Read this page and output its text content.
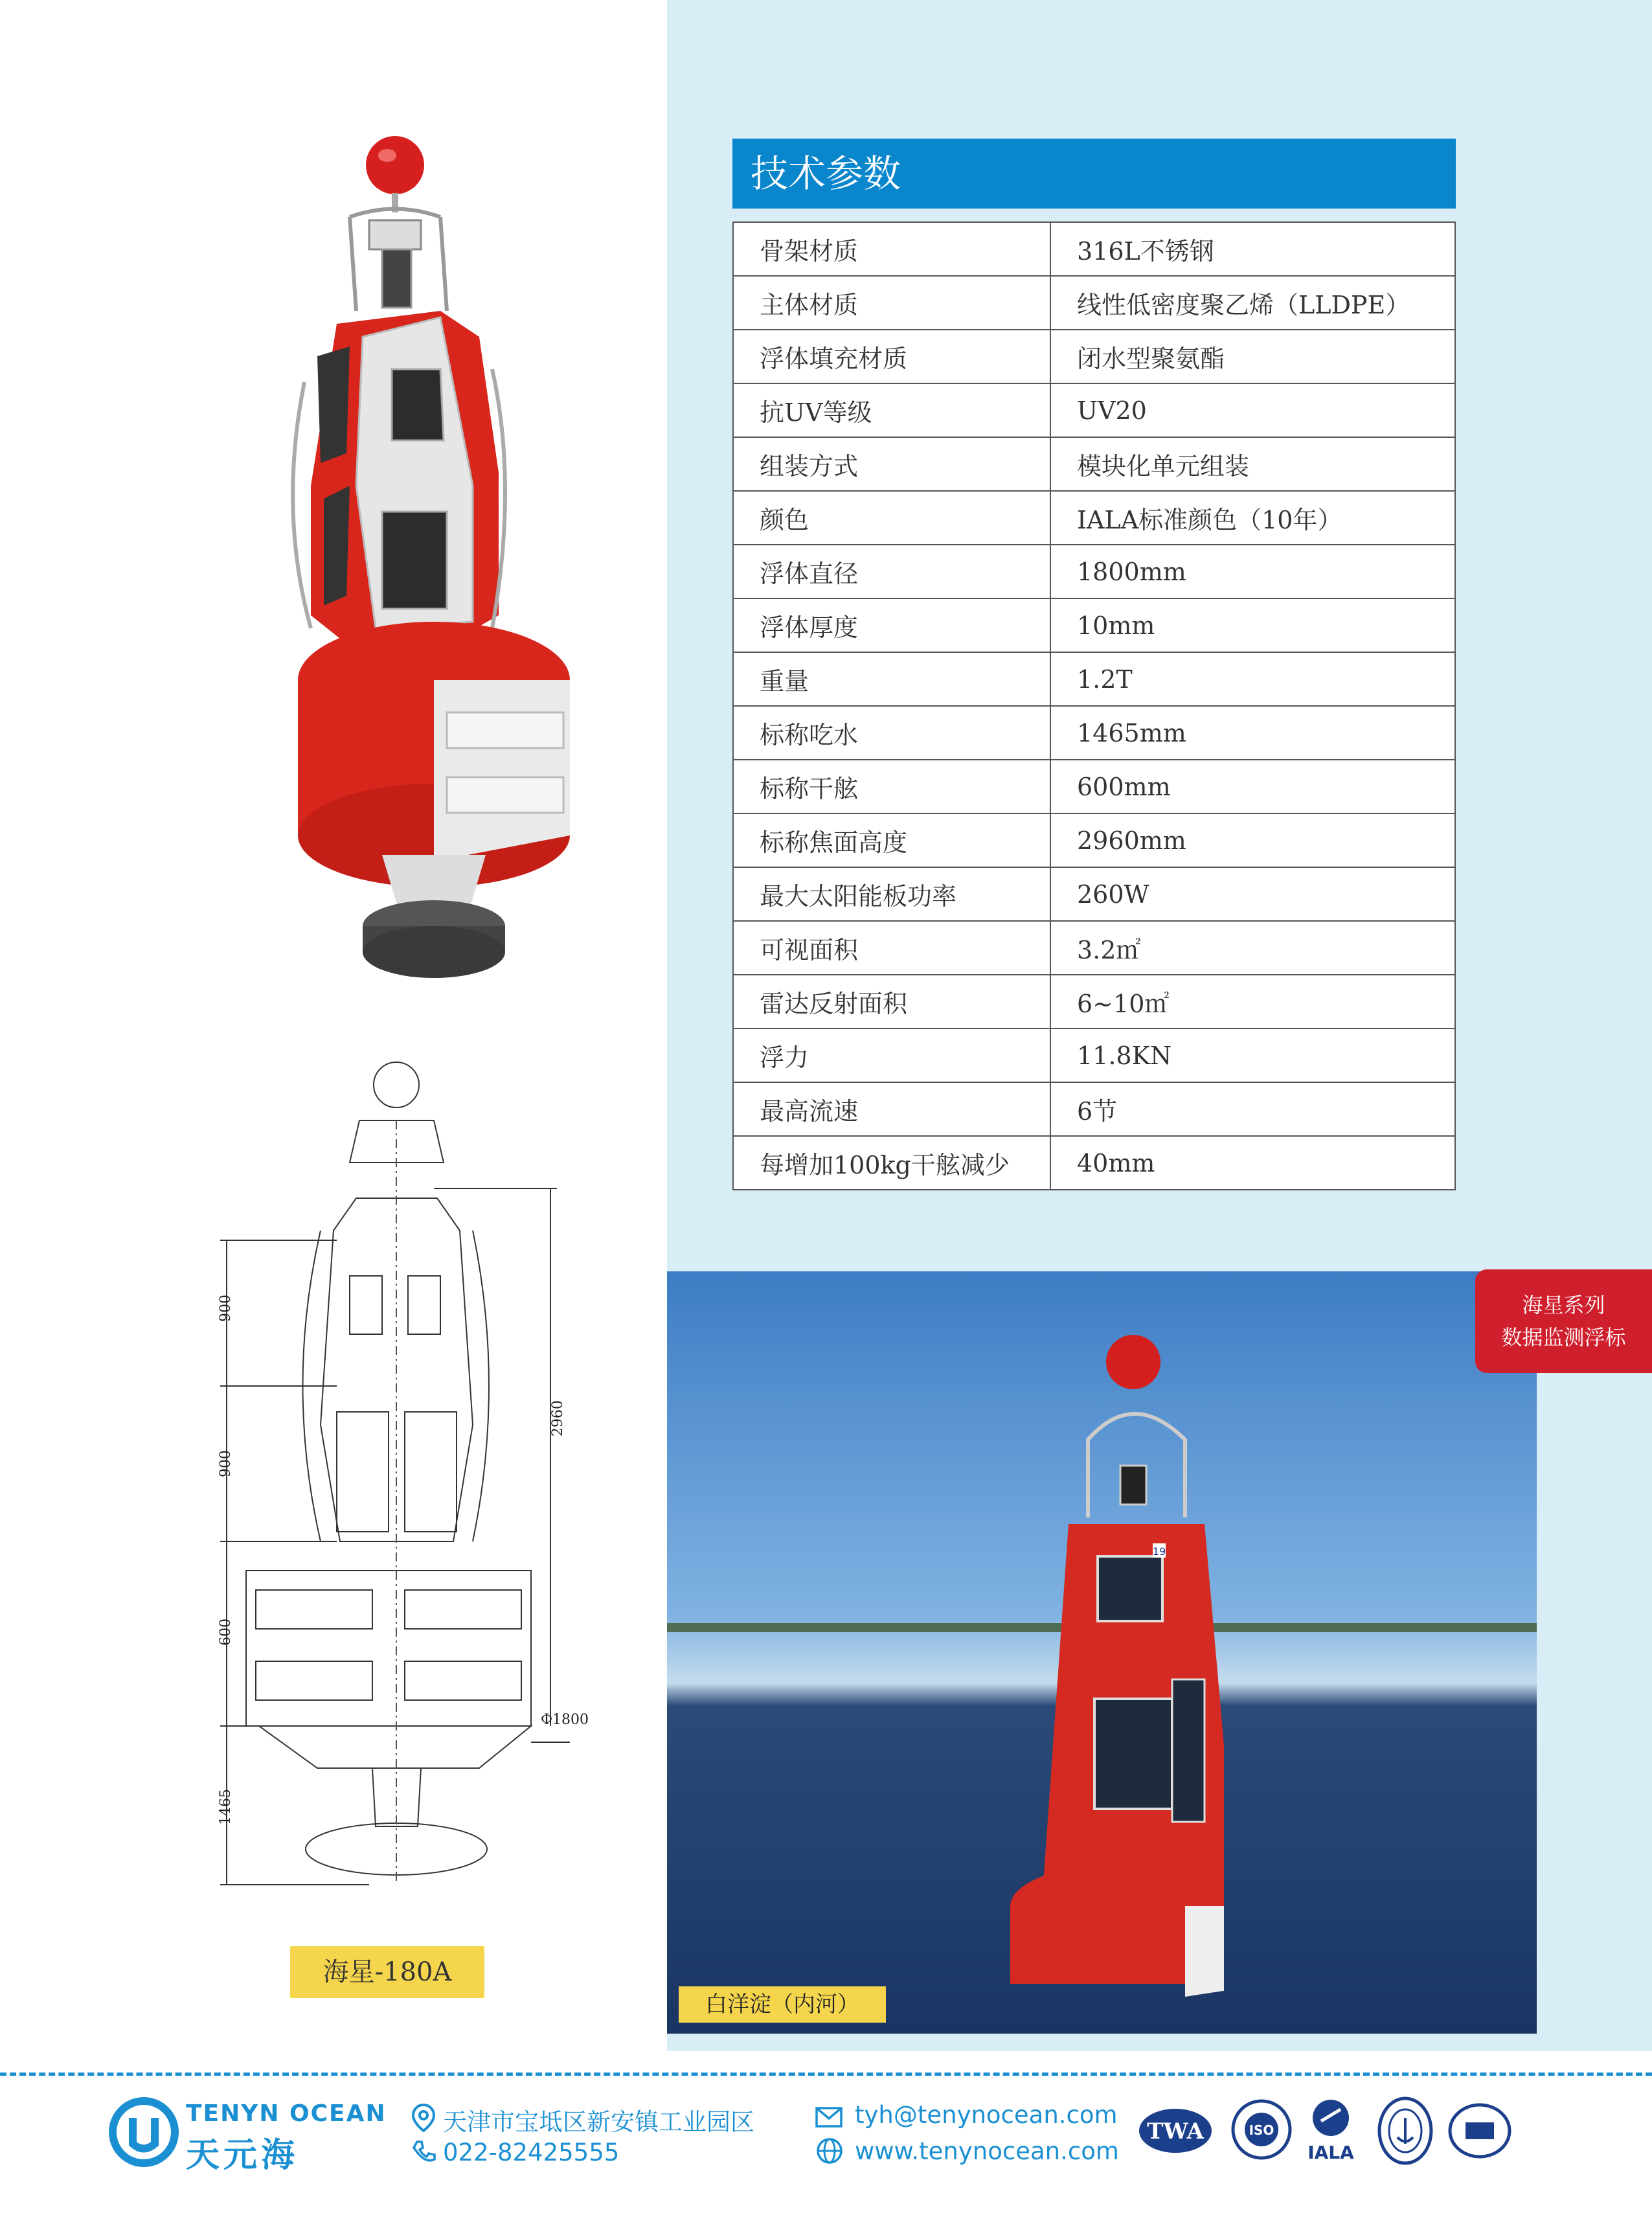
900
900
600
1465
2960
Φ1800
海星-180A
技术参数
骨架材质	316L不锈钢
主体材质	线性低密度聚乙烯（LLDPE）
浮体填充材质	闭水型聚氨酯
抗UV等级	UV20
组装方式	模块化单元组装
颜色	IALA标准颜色（10年）
浮体直径	1800mm
浮体厚度	10mm
重量	1.2T
标称吃水	1465mm
标称干舷	600mm
标称焦面高度	2960mm
最大太阳能板功率	260W
可视面积	3.2㎡
雷达反射面积	6~10㎡
浮力	11.8KN
最高流速	6节
每增加100kg干舷减少	40mm
19
白洋淀（内河）
海星系列
数据监测浮标
TENYN OCEAN
天元海
天津市宝坻区新安镇工业园区
022-82425555
tyh@tenynocean.com
www.tenynocean.com
TWA	ISO
IALA
